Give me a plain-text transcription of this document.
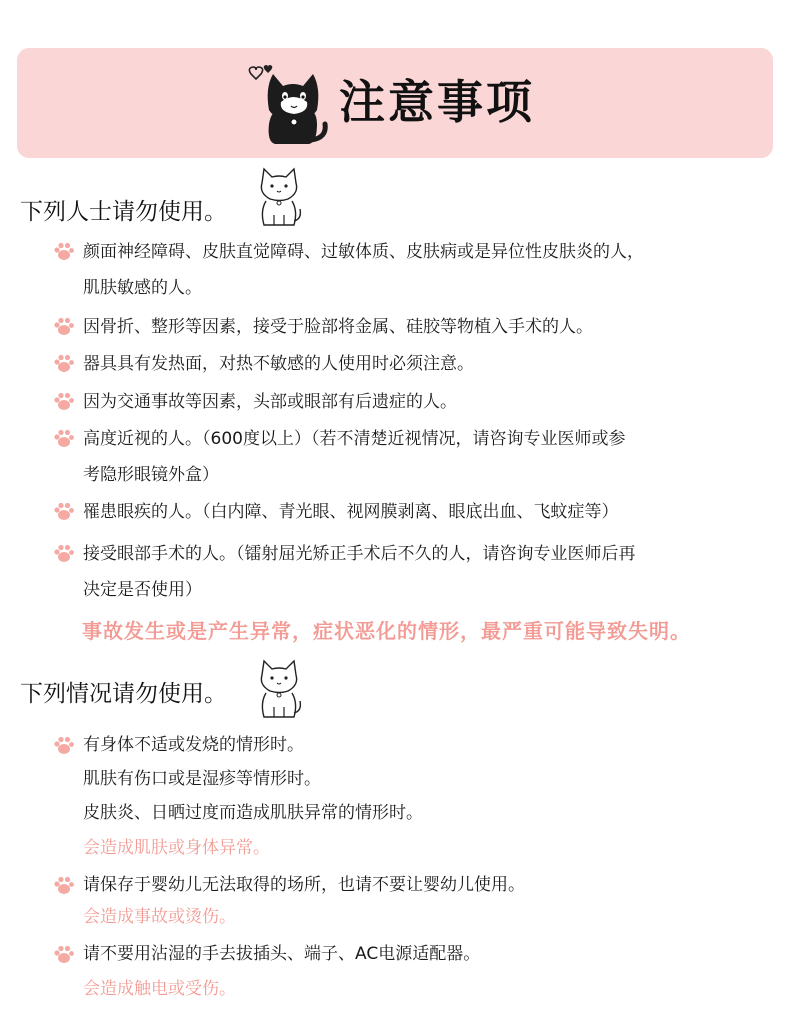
注意事项
下列人士请勿使用。
颜面神经障碍、皮肤直觉障碍、过敏体质、皮肤病或是异位性皮肤炎的人，
肌肤敏感的人。
因骨折、整形等因素，接受于脸部将金属、硅胶等物植入手术的人。
器具具有发热面，对热不敏感的人使用时必须注意。
因为交通事故等因素，头部或眼部有后遗症的人。
高度近视的人。（600度以上）（若不清楚近视情况，请咨询专业医师或参
考隐形眼镜外盒）
罹患眼疾的人。（白内障、青光眼、视网膜剥离、眼底出血、飞蚊症等）
接受眼部手术的人。（镭射屈光矫正手术后不久的人，请咨询专业医师后再
决定是否使用）
事故发生或是产生异常，症状恶化的情形，最严重可能导致失明。
下列情况请勿使用。
有身体不适或发烧的情形时。
肌肤有伤口或是湿疹等情形时。
皮肤炎、日晒过度而造成肌肤异常的情形时。
会造成肌肤或身体异常。
请保存于婴幼儿无法取得的场所，也请不要让婴幼儿使用。
会造成事故或烫伤。
请不要用沾湿的手去拔插头、端子、AC电源适配器。
会造成触电或受伤。
